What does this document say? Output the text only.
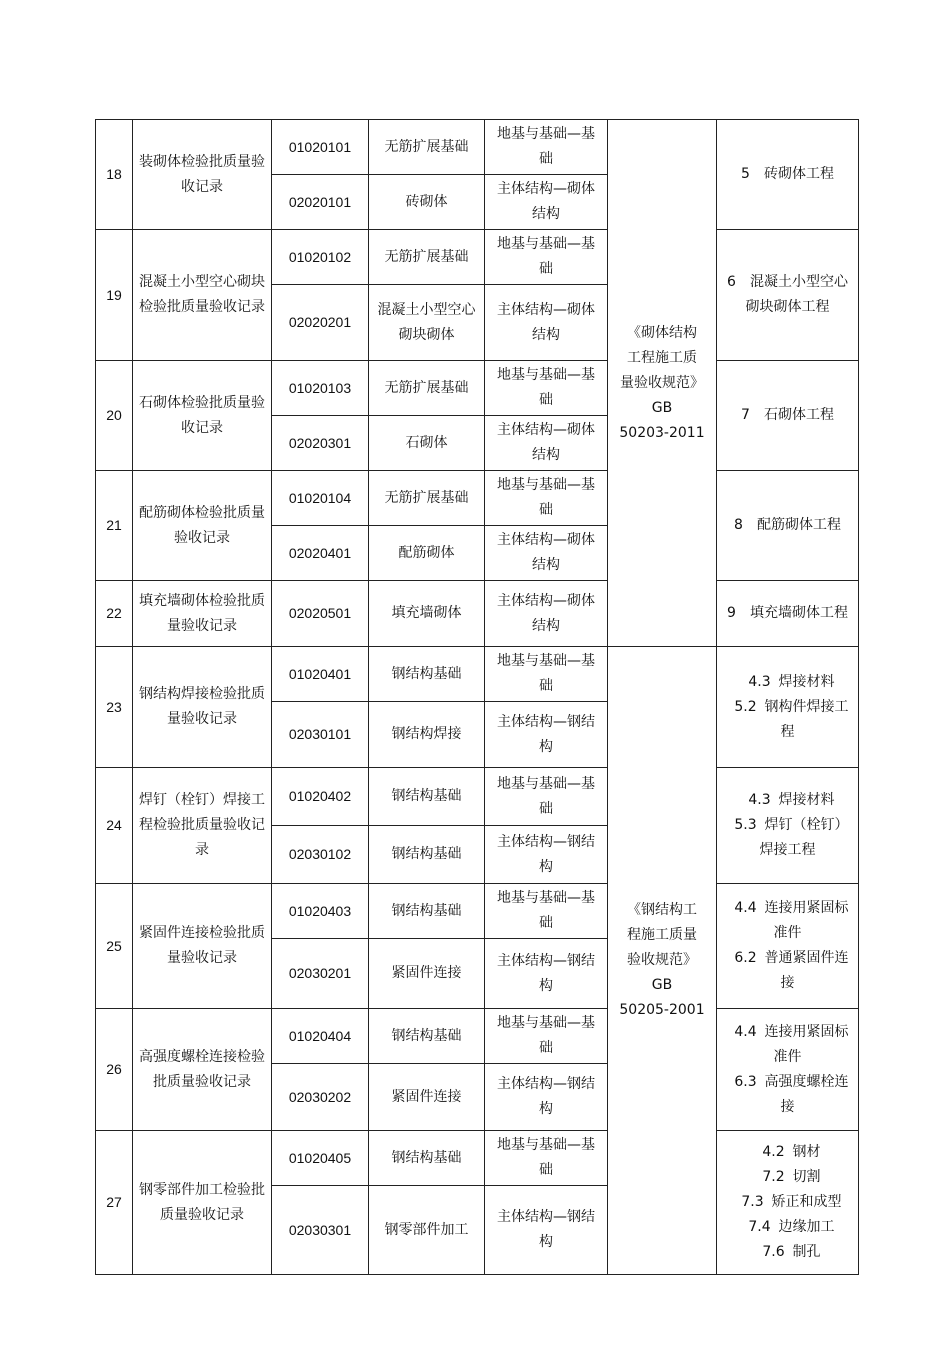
18	装砌体检验批质量验收记录	01020101	无筋扩展基础	地基与基础—基础	《砌体结构
工程施工质
量验收规范》
GB
50203-2011	5 砖砌体工程

		02020101	砖砌体	主体结构—砌体结构		
19	混凝土小型空心砌块检验批质量验收记录	01020102	无筋扩展基础	地基与基础—基础		6 混凝土小型空心砌块砌体工程

		02020201	混凝土小型空心砌块砌体	主体结构—砌体结构		
20	石砌体检验批质量验收记录	01020103	无筋扩展基础	地基与基础—基础		7 石砌体工程

		02020301	石砌体	主体结构—砌体结构		
21	配筋砌体检验批质量验收记录	01020104	无筋扩展基础	地基与基础—基础		8 配筋砌体工程

		02020401	配筋砌体	主体结构—砌体结构		
22	填充墙砌体检验批质量验收记录	02020501	填充墙砌体	主体结构—砌体结构		9 填充墙砌体工程

23	钢结构焊接检验批质量验收记录	01020401	钢结构基础	地基与基础—基础	《钢结构工
程施工质量
验收规范》
GB
50205-2001	4.3 焊接材料
5.2 钢构件焊接工程

		02030101	钢结构焊接	主体结构—钢结构		
24	焊钉（栓钉）焊接工程检验批质量验收记录	01020402	钢结构基础	地基与基础—基础		4.3 焊接材料
5.3 焊钉（栓钉）焊接工程

		02030102	钢结构基础	主体结构—钢结构		
25	紧固件连接检验批质量验收记录	01020403	钢结构基础	地基与基础—基础		4.4 连接用紧固标准件
6.2 普通紧固件连接

		02030201	紧固件连接	主体结构—钢结构		
26	高强度螺栓连接检验批质量验收记录	01020404	钢结构基础	地基与基础—基础		4.4 连接用紧固标准件
6.3 高强度螺栓连接

		02030202	紧固件连接	主体结构—钢结构		
27	钢零部件加工检验批质量验收记录	01020405	钢结构基础	地基与基础—基础		4.2 钢材
7.2 切割
7.3 矫正和成型
7.4 边缘加工
7.6 制孔

		02030301	钢零部件加工	主体结构—钢结构		
